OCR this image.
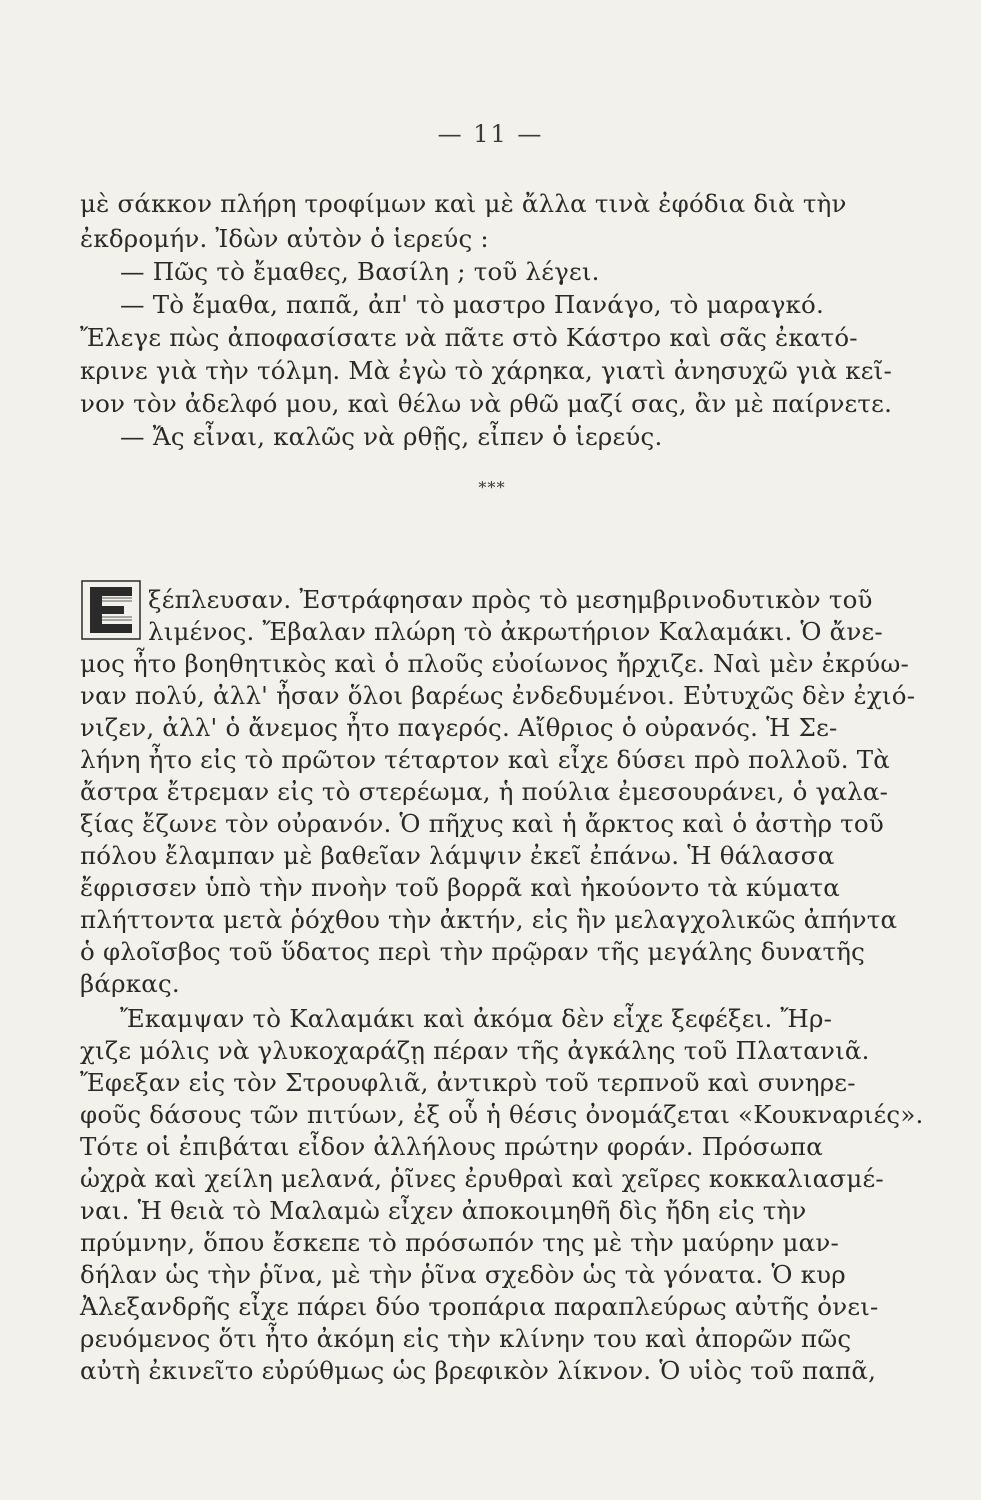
— 11 —
μὲ σάκκον πλήρη τροφίμων καὶ μὲ ἄλλα τινὰ ἐφόδια διὰ τὴν
ἐκδρομήν. Ἰδὼν αὐτὸν ὁ ἱερεύς :
— Πῶς τὸ ἔμαθες, Βασίλη ; τοῦ λέγει.
— Τὸ ἔμαθα, παπᾶ, ἀπ' τὸ μαστρο Πανάγο, τὸ μαραγκό.
Ἔλεγε πὼς ἀποφασίσατε νὰ πᾶτε στὸ Κάστρο καὶ σᾶς ἐκατό-
κρινε γιὰ τὴν τόλμη. Μὰ ἐγὼ τὸ χάρηκα, γιατὶ ἀνησυχῶ γιὰ κεῖ-
νον τὸν ἀδελφό μου, καὶ θέλω νὰ ρθῶ μαζί σας, ἂν μὲ παίρνετε.
— Ἄς εἶναι, καλῶς νὰ ρθῇς, εἶπεν ὁ ἱερεύς.
* * *
ξέπλευσαν. Ἐστράφησαν πρὸς τὸ μεσημβρινοδυτικὸν τοῦ
λιμένος. Ἔβαλαν πλώρη τὸ ἀκρωτήριον Καλαμάκι. Ὁ ἄνε-
μος ἦτο βοηθητικὸς καὶ ὁ πλοῦς εὐοίωνος ἤρχιζε. Ναὶ μὲν ἐκρύω-
ναν πολύ, ἀλλ' ἦσαν ὅλοι βαρέως ἐνδεδυμένοι. Εὐτυχῶς δὲν ἐχιό-
νιζεν, ἀλλ' ὁ ἄνεμος ἦτο παγερός. Αἴθριος ὁ οὐρανός. Ἡ Σε-
λήνη ἦτο εἰς τὸ πρῶτον τέταρτον καὶ εἶχε δύσει πρὸ πολλοῦ. Τὰ
ἄστρα ἔτρεμαν εἰς τὸ στερέωμα, ἡ πούλια ἐμεσουράνει, ὁ γαλα-
ξίας ἔζωνε τὸν οὐρανόν. Ὁ πῆχυς καὶ ἡ ἄρκτος καὶ ὁ ἀστὴρ τοῦ
πόλου ἔλαμπαν μὲ βαθεῖαν λάμψιν ἐκεῖ ἐπάνω. Ἡ θάλασσα
ἔφρισσεν ὑπὸ τὴν πνοὴν τοῦ βορρᾶ καὶ ἠκούοντο τὰ κύματα
πλήττοντα μετὰ ῥόχθου τὴν ἀκτήν, εἰς ἣν μελαγχολικῶς ἀπήντα
ὁ φλοῖσβος τοῦ ὕδατος περὶ τὴν πρῷραν τῆς μεγάλης δυνατῆς
βάρκας.
Ἔκαμψαν τὸ Καλαμάκι καὶ ἀκόμα δὲν εἶχε ξεφέξει. Ἤρ-
χιζε μόλις νὰ γλυκοχαράζῃ πέραν τῆς ἀγκάλης τοῦ Πλατανιᾶ.
Ἔφεξαν εἰς τὸν Στρουφλιᾶ, ἀντικρὺ τοῦ τερπνοῦ καὶ συνηρε-
φοῦς δάσους τῶν πιτύων, ἐξ οὗ ἡ θέσις ὀνομάζεται «Κουκναριές».
Τότε οἱ ἐπιβάται εἶδον ἀλλήλους πρώτην φοράν. Πρόσωπα
ὠχρὰ καὶ χείλη μελανά, ῥῖνες ἐρυθραὶ καὶ χεῖρες κοκκαλιασμέ-
ναι. Ἡ θειὰ τὸ Μαλαμὼ εἶχεν ἀποκοιμηθῆ δὶς ἤδη εἰς τὴν
πρύμνην, ὅπου ἔσκεπε τὸ πρόσωπόν της μὲ τὴν μαύρην μαν-
δήλαν ὡς τὴν ῥῖνα, μὲ τὴν ῥῖνα σχεδὸν ὡς τὰ γόνατα. Ὁ κυρ
Ἀλεξανδρῆς εἶχε πάρει δύο τροπάρια παραπλεύρως αὐτῆς ὀνει-
ρευόμενος ὅτι ἦτο ἀκόμη εἰς τὴν κλίνην του καὶ ἀπορῶν πῶς
αὐτὴ ἐκινεῖτο εὐρύθμως ὡς βρεφικὸν λίκνον. Ὁ υἱὸς τοῦ παπᾶ,
